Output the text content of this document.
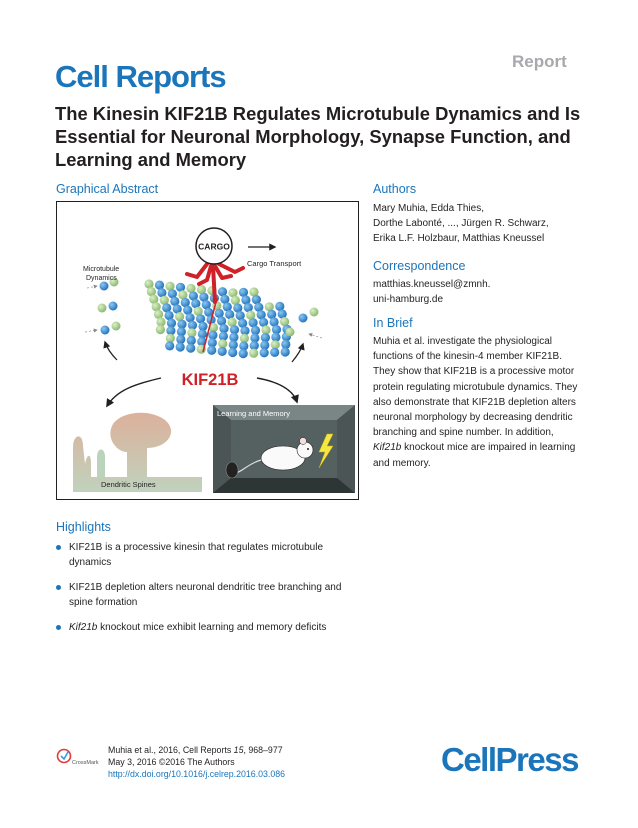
Report
Cell Reports
The Kinesin KIF21B Regulates Microtubule Dynamics and Is Essential for Neuronal Morphology, Synapse Function, and Learning and Memory
Graphical Abstract	Authors
Correspondence
In Brief
Highlights
Mary Muhia, Edda Thies,
Dorthe Labonté, ..., Jürgen R. Schwarz,
Erika L.F. Holzbaur, Matthias Kneussel
matthias.kneussel@zmnh.
uni-hamburg.de
Muhia et al. investigate the physiological functions of the kinesin-4 member KIF21B. They show that KIF21B is a processive motor protein regulating microtubule dynamics. They also demonstrate that KIF21B depletion alters neuronal morphology by decreasing dendritic branching and spine number. In addition, Kif21b knockout mice are impaired in learning and memory.
CARGO
Cargo Transport
Microtubule
Dynamics
KIF21B
Dendritic Spines
Learning and Memory
KIF21B is a processive kinesin that regulates microtubule dynamics
KIF21B depletion alters neuronal dendritic tree branching and spine formation
Kif21b knockout mice exhibit learning and memory deficits
CrossMark
Muhia et al., 2016, Cell Reports 15, 968–977
May 3, 2016 ©2016 The Authors
http://dx.doi.org/10.1016/j.celrep.2016.03.086	CellPress
